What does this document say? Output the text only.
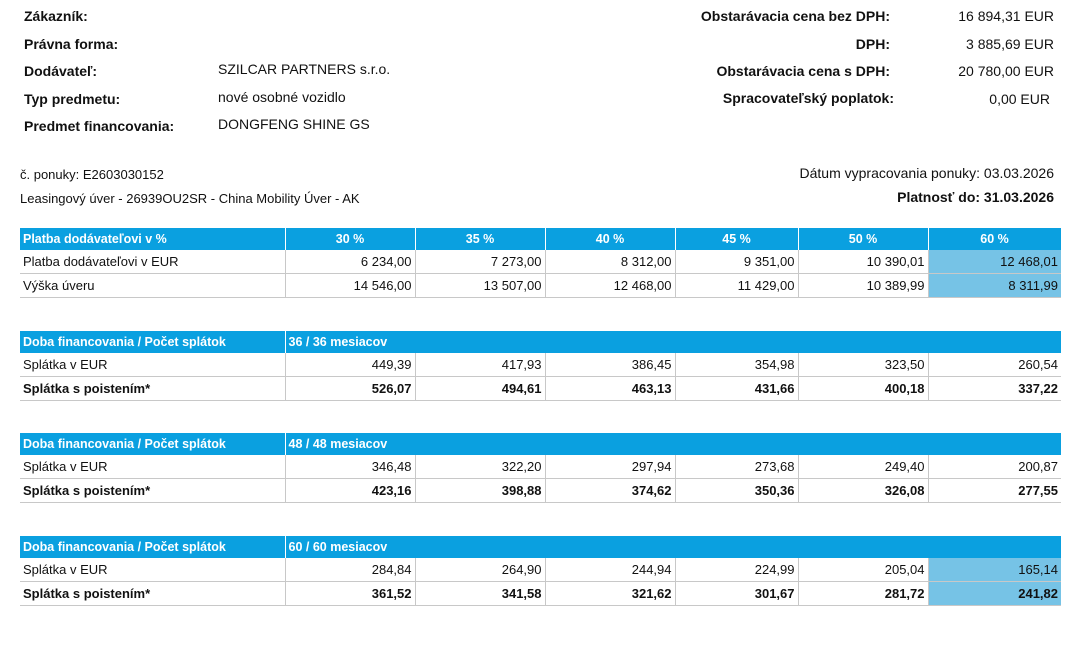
Zákazník:
Právna forma:
Dodávateľ:	SZILCAR PARTNERS s.r.o.
Typ predmetu:	nové osobné vozidlo
Predmet financovania:	DONGFENG SHINE GS
Obstarávacia cena bez DPH:	16 894,31 EUR
DPH:	3 885,69 EUR
Obstarávacia cena s DPH:	20 780,00 EUR
Spracovateľský poplatok:	0,00 EUR
č. ponuky: E2603030152
Leasingový úver - 26939OU2SR - China Mobility Úver - AK
Dátum vypracovania ponuky: 03.03.2026
Platnosť do: 31.03.2026
Platba dodávateľovi v %	30 %	35 %	40 %	45 %	50 %	60 %
Platba dodávateľovi v EUR	6 234,00	7 273,00	8 312,00	9 351,00	10 390,01	12 468,01
Výška úveru	14 546,00	13 507,00	12 468,00	11 429,00	10 389,99	8 311,99
Doba financovania / Počet splátok	36 / 36 mesiacov					
Splátka v EUR	449,39	417,93	386,45	354,98	323,50	260,54
Splátka s poistením*	526,07	494,61	463,13	431,66	400,18	337,22
Doba financovania / Počet splátok	48 / 48 mesiacov					
Splátka v EUR	346,48	322,20	297,94	273,68	249,40	200,87
Splátka s poistením*	423,16	398,88	374,62	350,36	326,08	277,55
Doba financovania / Počet splátok	60 / 60 mesiacov					
Splátka v EUR	284,84	264,90	244,94	224,99	205,04	165,14
Splátka s poistením*	361,52	341,58	321,62	301,67	281,72	241,82
